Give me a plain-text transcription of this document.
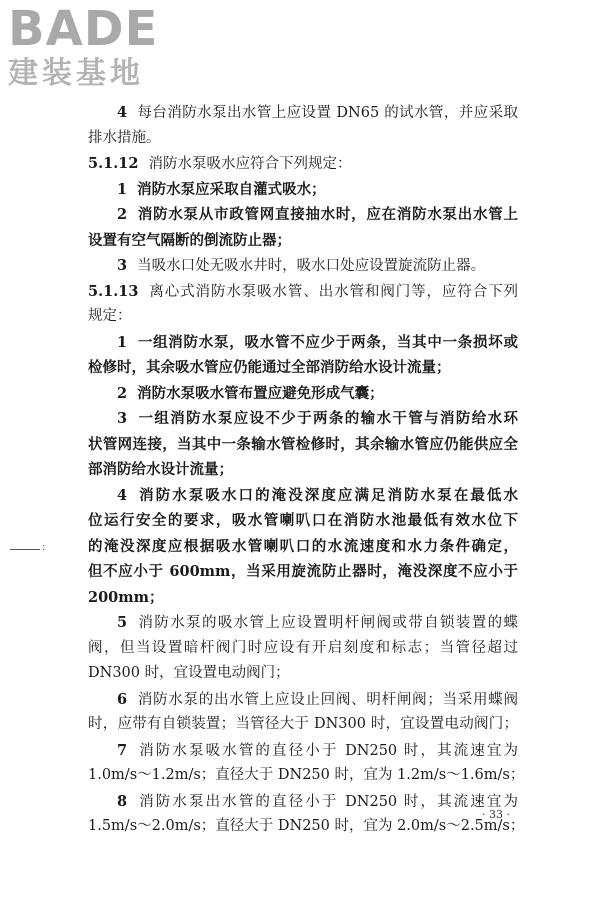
BADE
建装基地
:
4 每台消防水泵出水管上应设置 DN65 的试水管，并应采取
排水措施。
5.1.12 消防水泵吸水应符合下列规定：
1 消防水泵应采取自灌式吸水；
2 消防水泵从市政管网直接抽水时，应在消防水泵出水管上
设置有空气隔断的倒流防止器；
3 当吸水口处无吸水井时，吸水口处应设置旋流防止器。
5.1.13 离心式消防水泵吸水管、出水管和阀门等，应符合下列
规定：
1 一组消防水泵，吸水管不应少于两条，当其中一条损坏或
检修时，其余吸水管应仍能通过全部消防给水设计流量；
2 消防水泵吸水管布置应避免形成气囊；
3 一组消防水泵应设不少于两条的输水干管与消防给水环
状管网连接，当其中一条输水管检修时，其余输水管应仍能供应全
部消防给水设计流量；
4 消防水泵吸水口的淹没深度应满足消防水泵在最低水
位运行安全的要求，吸水管喇叭口在消防水池最低有效水位下
的淹没深度应根据吸水管喇叭口的水流速度和水力条件确定，
但不应小于 600mm，当采用旋流防止器时，淹没深度不应小于
200mm；
5 消防水泵的吸水管上应设置明杆闸阀或带自锁装置的蝶
阀，但当设置暗杆阀门时应设有开启刻度和标志；当管径超过
DN300 时，宜设置电动阀门；
6 消防水泵的出水管上应设止回阀、明杆闸阀；当采用蝶阀
时，应带有自锁装置；当管径大于 DN300 时，宜设置电动阀门；
7 消防水泵吸水管的直径小于 DN250 时，其流速宜为
1.0m/s～1.2m/s；直径大于 DN250 时，宜为 1.2m/s～1.6m/s；
8 消防水泵出水管的直径小于 DN250 时，其流速宜为
1.5m/s～2.0m/s；直径大于 DN250 时，宜为 2.0m/s～2.5m/s；
· 33 ·
